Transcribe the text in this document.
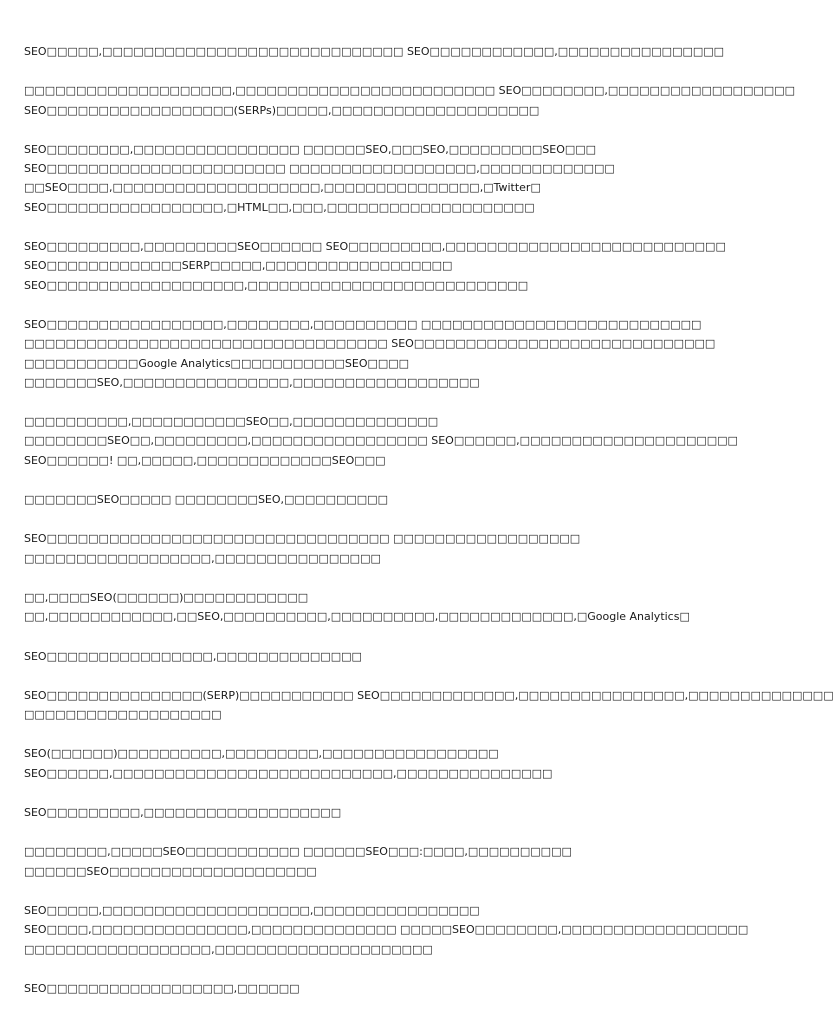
SEO□□□□□,□□□□□□□□□□□□□□□□□□□□□□□□□□□□□ SEO□□□□□□□□□□□□,□□□□□□□□□□□□□□□□
□□□□□□□□□□□□□□□□□□□□,□□□□□□□□□□□□□□□□□□□□□□□□□ SEO□□□□□□□□,□□□□□□□□□□□□□□□□□□
SEO□□□□□□□□□□□□□□□□□□(SERPs)□□□□□,□□□□□□□□□□□□□□□□□□□□
SEO□□□□□□□□,□□□□□□□□□□□□□□□□ □□□□□□SEO,□□□SEO,□□□□□□□□□SEO□□□
SEO□□□□□□□□□□□□□□□□□□□□□□□ □□□□□□□□□□□□□□□□□□,□□□□□□□□□□□□□
□□SEO□□□□,□□□□□□□□□□□□□□□□□□□□,□□□□□□□□□□□□□□□,□Twitter□
SEO□□□□□□□□□□□□□□□□□,□HTML□□,□□□,□□□□□□□□□□□□□□□□□□□□
SEO□□□□□□□□□,□□□□□□□□□SEO□□□□□□ SEO□□□□□□□□□,□□□□□□□□□□□□□□□□□□□□□□□□□□□
SEO□□□□□□□□□□□□□SERP□□□□□,□□□□□□□□□□□□□□□□□□
SEO□□□□□□□□□□□□□□□□□□□,□□□□□□□□□□□□□□□□□□□□□□□□□□□
SEO□□□□□□□□□□□□□□□□□,□□□□□□□□,□□□□□□□□□□ □□□□□□□□□□□□□□□□□□□□□□□□□□□
□□□□□□□□□□□□□□□□□□□□□□□□□□□□□□□□□□□ SEO□□□□□□□□□□□□□□□□□□□□□□□□□□□□□
□□□□□□□□□□□Google Analytics□□□□□□□□□□□SEO□□□□
□□□□□□□SEO,□□□□□□□□□□□□□□□□,□□□□□□□□□□□□□□□□□□
□□□□□□□□□□,□□□□□□□□□□□SEO□□,□□□□□□□□□□□□□□
□□□□□□□□SEO□□,□□□□□□□□□,□□□□□□□□□□□□□□□□□ SEO□□□□□□,□□□□□□□□□□□□□□□□□□□□□
SEO□□□□□□! □□,□□□□□,□□□□□□□□□□□□□SEO□□□
□□□□□□□SEO□□□□□ □□□□□□□□SEO,□□□□□□□□□□
SEO□□□□□□□□□□□□□□□□□□□□□□□□□□□□□□□□□ □□□□□□□□□□□□□□□□□□
□□□□□□□□□□□□□□□□□□,□□□□□□□□□□□□□□□□
□□,□□□□SEO(□□□□□□)□□□□□□□□□□□□
□□,□□□□□□□□□□□□,□□SEO,□□□□□□□□□□,□□□□□□□□□□,□□□□□□□□□□□□□,□Google Analytics□
SEO□□□□□□□□□□□□□□□□,□□□□□□□□□□□□□□
SEO□□□□□□□□□□□□□□□(SERP)□□□□□□□□□□□ SEO□□□□□□□□□□□□□,□□□□□□□□□□□□□□□□,□□□□□□□□□□□□□□
□□□□□□□□□□□□□□□□□□□
SEO(□□□□□□)□□□□□□□□□□,□□□□□□□□□,□□□□□□□□□□□□□□□□□
SEO□□□□□□,□□□□□□□□□□□□□□□□□□□□□□□□□□□,□□□□□□□□□□□□□□□
SEO□□□□□□□□□,□□□□□□□□□□□□□□□□□□□
□□□□□□□□,□□□□□SEO□□□□□□□□□□□ □□□□□□SEO□□□:□□□□,□□□□□□□□□□
□□□□□□SEO□□□□□□□□□□□□□□□□□□□□
SEO□□□□□,□□□□□□□□□□□□□□□□□□□□,□□□□□□□□□□□□□□□□
SEO□□□□,□□□□□□□□□□□□□□□,□□□□□□□□□□□□□□ □□□□□SEO□□□□□□□□,□□□□□□□□□□□□□□□□□□
□□□□□□□□□□□□□□□□□□,□□□□□□□□□□□□□□□□□□□□□
SEO□□□□□□□□□□□□□□□□□□,□□□□□□
